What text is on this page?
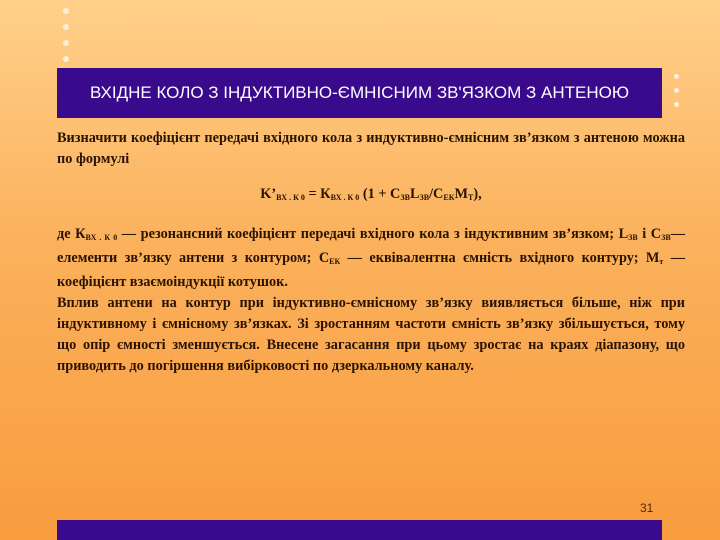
ВХІДНЕ КОЛО З ІНДУКТИВНО-ЄМНІСНИМ ЗВ'ЯЗКОМ З АНТЕНОЮ

Визначити коефіцієнт передачі вхідного кола з индуктивно-ємнісним зв’язком з антеною можна по формулі

$K’_{ВХ . К 0} = К_{ВХ . К 0}$ $(1 + С_{ЗВ}L_{ЗВ}/С_{ЕК}М_Т)$,

де $К_{ВХ . К 0}$ — резонансний коефіцієнт передачі вхідного кола з індуктивним зв’язком; $L_{ЗВ}$ і $С_{ЗВ}—$ елементи зв’язку антени з контуром; $С_{ЕК}$ — еквівалентна ємність вхідного контуру; $М_т$ — коефіцієнт взаємоіндукції котушок.

Вплив антени на контур при індуктивно-ємнісному зв’язку виявляється більше, ніж при індуктивному і ємнісному зв’язках. Зі зростанням частоти ємність зв’язку збільшується, тому що опір ємності зменшується. Внесене загасання при цьому зростає на краях діапазону, що приводить до погіршення вибірковості по дзеркальному каналу.

31
